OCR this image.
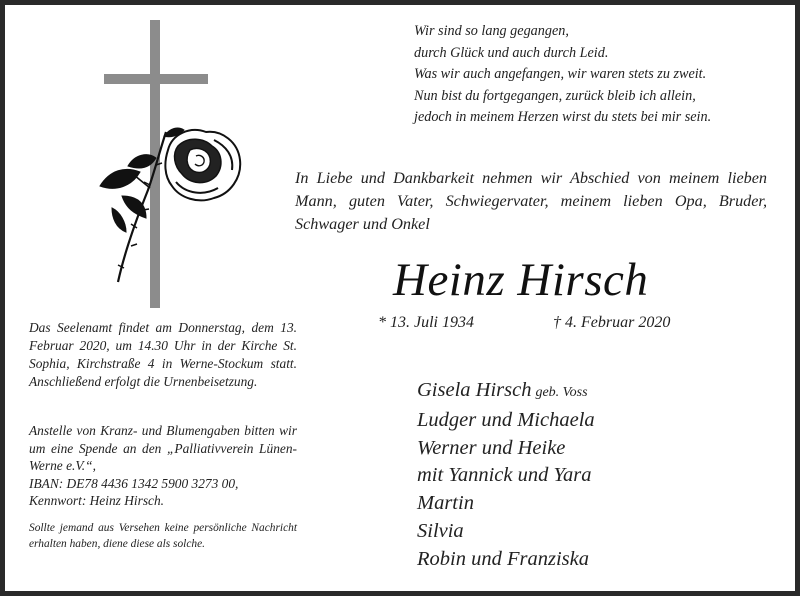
Wir sind so lang gegangen,
durch Glück und auch durch Leid.
Was wir auch angefangen, wir waren stets zu zweit.
Nun bist du fortgegangen, zurück bleib ich allein,
jedoch in meinem Herzen wirst du stets bei mir sein.
In Liebe und Dankbarkeit nehmen wir Abschied von meinem lieben Mann, guten Vater, Schwiegervater, meinem lieben Opa, Bruder, Schwager und Onkel
Heinz Hirsch
* 13. Juli 1934	† 4. Februar 2020
Gisela Hirsch geb. Voss
Ludger und Michaela
Werner und Heike
mit Yannick und Yara
Martin
Silvia
Robin und Franziska
Das Seelenamt findet am Donnerstag, dem 13. Februar 2020, um 14.30 Uhr in der Kirche St. Sophia, Kirchstraße 4 in Werne-Stockum statt. Anschließend erfolgt die Urnenbeisetzung.
Anstelle von Kranz- und Blumengaben bitten wir um eine Spende an den „Palliativverein Lünen-Werne e.V.“,
IBAN: DE78 4436 1342 5900 3273 00,
Kennwort: Heinz Hirsch.
Sollte jemand aus Versehen keine persönliche Nachricht erhalten haben, diene diese als solche.
